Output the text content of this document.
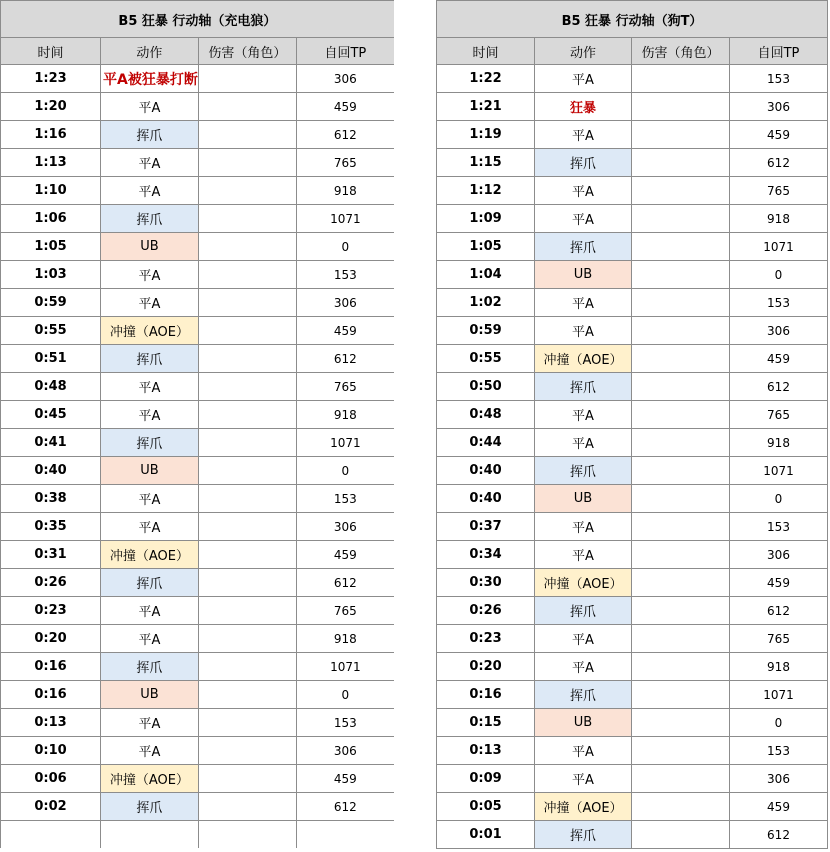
B5 狂暴 行动轴（充电狼）			
时间	动作	伤害（角色）	自回TP
1:23	平A被狂暴打断		306
1:20	平A		459
1:16	挥爪		612
1:13	平A		765
1:10	平A		918
1:06	挥爪		1071
1:05	UB		0
1:03	平A		153
0:59	平A		306
0:55	冲撞（AOE）		459
0:51	挥爪		612
0:48	平A		765
0:45	平A		918
0:41	挥爪		1071
0:40	UB		0
0:38	平A		153
0:35	平A		306
0:31	冲撞（AOE）		459
0:26	挥爪		612
0:23	平A		765
0:20	平A		918
0:16	挥爪		1071
0:16	UB		0
0:13	平A		153
0:10	平A		306
0:06	冲撞（AOE）		459
0:02	挥爪		612

B5 狂暴 行动轴（狗T）			
时间	动作	伤害（角色）	自回TP
1:22	平A		153
1:21	狂暴		306
1:19	平A		459
1:15	挥爪		612
1:12	平A		765
1:09	平A		918
1:05	挥爪		1071
1:04	UB		0
1:02	平A		153
0:59	平A		306
0:55	冲撞（AOE）		459
0:50	挥爪		612
0:48	平A		765
0:44	平A		918
0:40	挥爪		1071
0:40	UB		0
0:37	平A		153
0:34	平A		306
0:30	冲撞（AOE）		459
0:26	挥爪		612
0:23	平A		765
0:20	平A		918
0:16	挥爪		1071
0:15	UB		0
0:13	平A		153
0:09	平A		306
0:05	冲撞（AOE）		459
0:01	挥爪		612
